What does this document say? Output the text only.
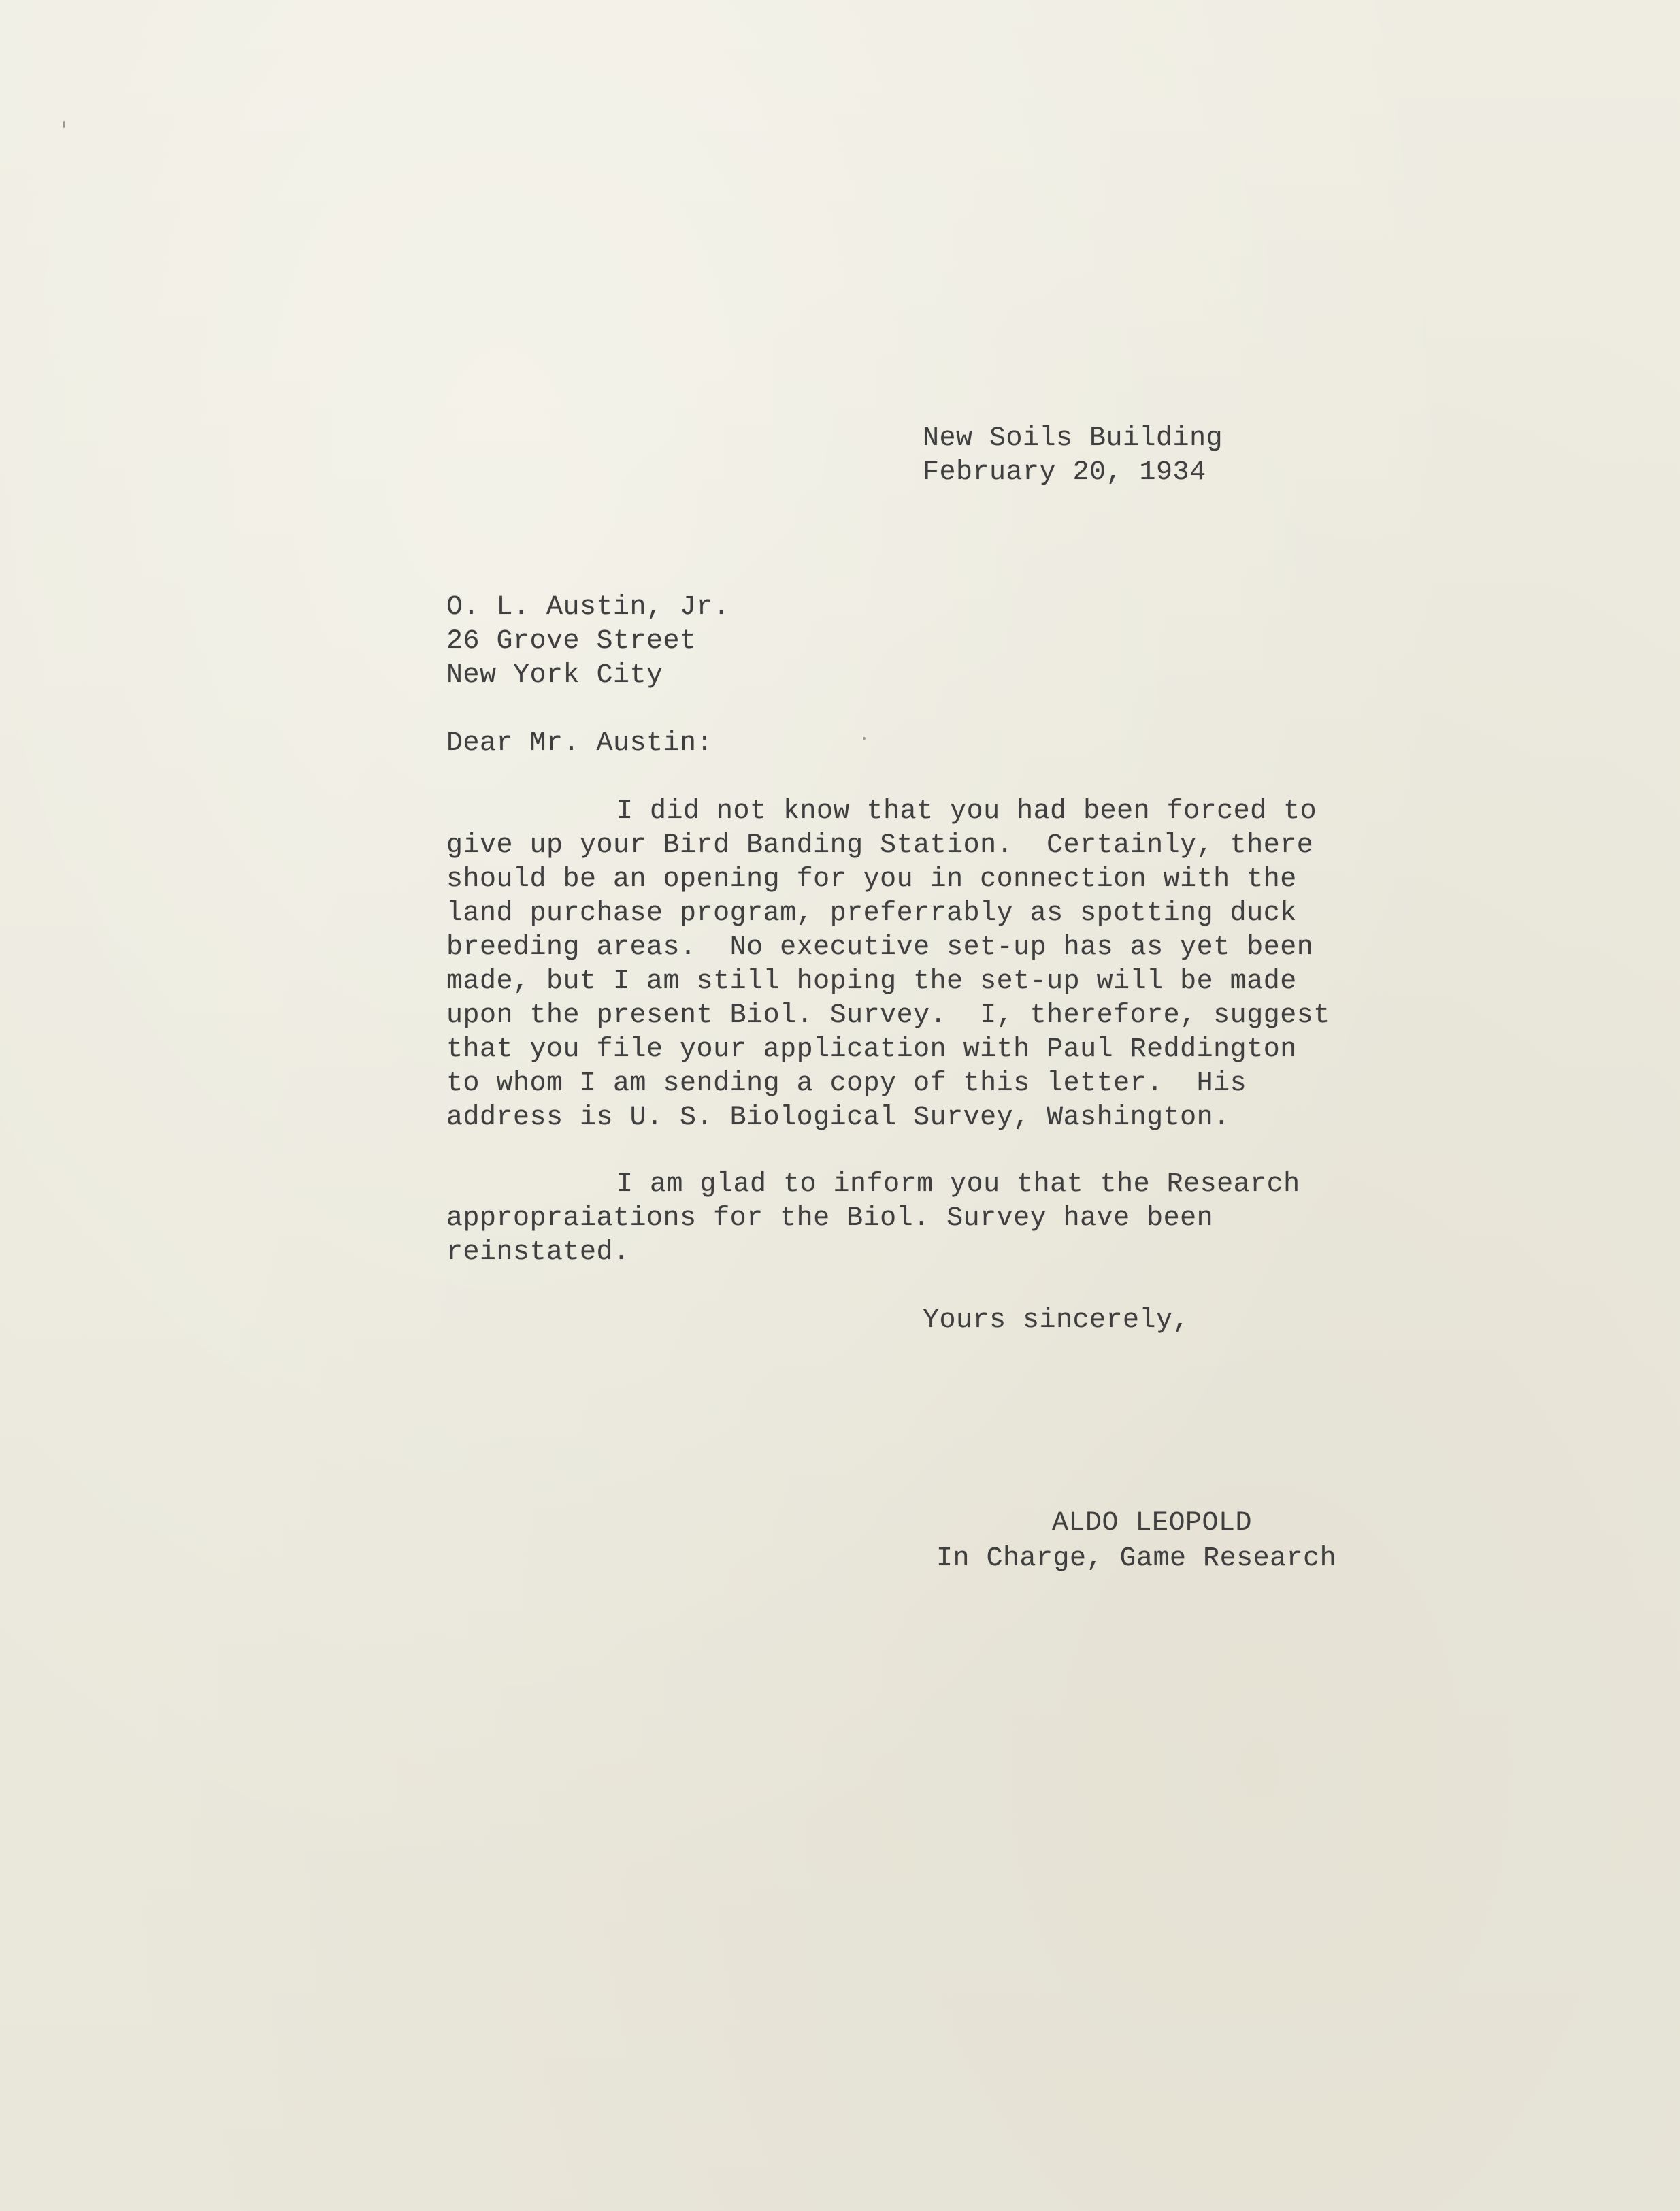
New Soils Building
February 20, 1934
O. L. Austin, Jr.
26 Grove Street
New York City

Dear Mr. Austin:

I did not know that you had been forced to
give up your Bird Banding Station.  Certainly, there
should be an opening for you in connection with the
land purchase program, preferrably as spotting duck
breeding areas.  No executive set-up has as yet been
made, but I am still hoping the set-up will be made
upon the present Biol. Survey.  I, therefore, suggest
that you file your application with Paul Reddington
to whom I am sending a copy of this letter.  His
address is U. S. Biological Survey, Washington.
I am glad to inform you that the Research
appropraiations for the Biol. Survey have been
reinstated.

Yours sincerely,

ALDO LEOPOLD

In Charge, Game Research
